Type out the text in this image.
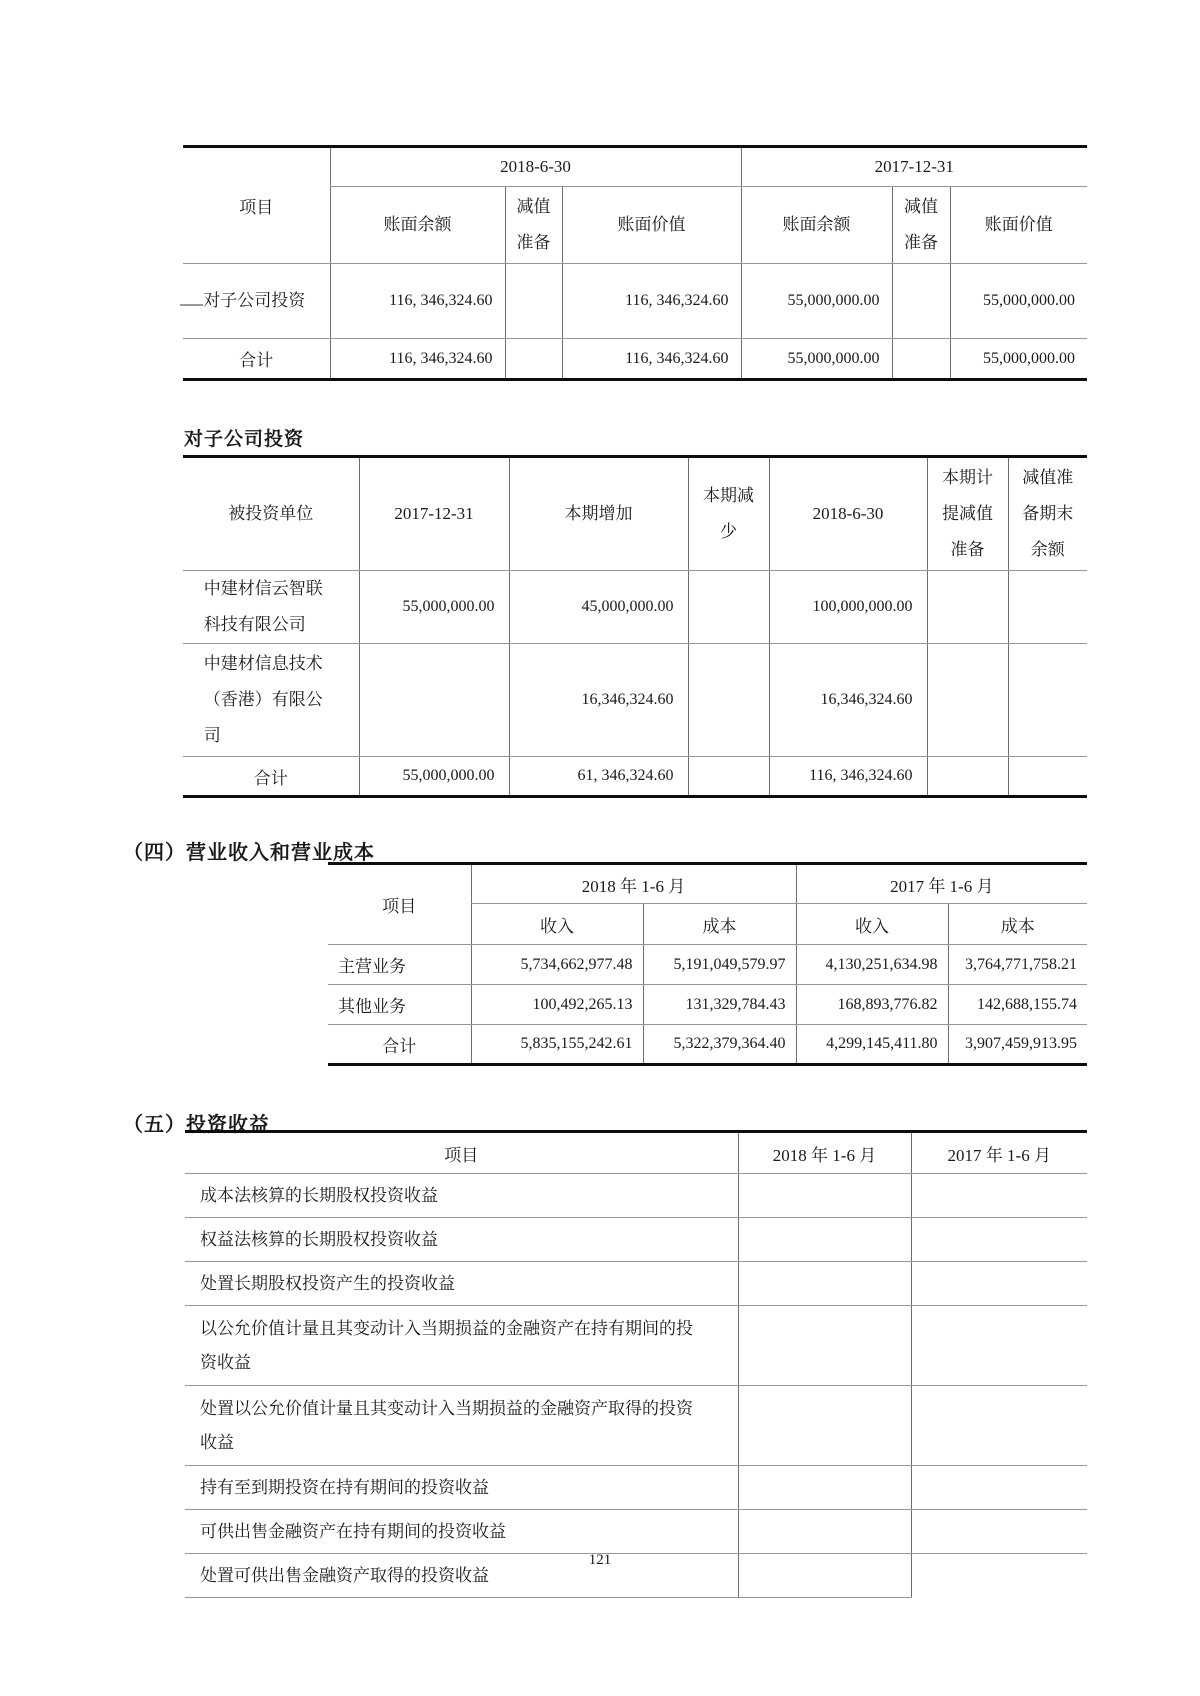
项目	2018-6-30			2017-12-31		
	账面余额	减值准备	账面价值	账面余额	减值准备	账面价值

对子公司投资	116, 346,324.60		116, 346,324.60	55,000,000.00		55,000,000.00
合计	116, 346,324.60		116, 346,324.60	55,000,000.00		55,000,000.00
对子公司投资
被投资单位	2017-12-31	本期增加	本期减少	2018-6-30	本期计提减值准备	减值准备期末余额

中建材信云智联科技有限公司	55,000,000.00	45,000,000.00		100,000,000.00		

中建材信息技术（香港）有限公司		16,346,324.60		16,346,324.60		
合计	55,000,000.00	61, 346,324.60		116, 346,324.60		
（四）营业收入和营业成本
项目	2018 年 1-6 月		2017 年 1-6 月	
	收入	成本	收入	成本
主营业务	5,734,662,977.48	5,191,049,579.97	4,130,251,634.98	3,764,771,758.21
其他业务	100,492,265.13	131,329,784.43	168,893,776.82	142,688,155.74
合计	5,835,155,242.61	5,322,379,364.40	4,299,145,411.80	3,907,459,913.95
（五）投资收益
项目	2018 年 1-6 月	2017 年 1-6 月
成本法核算的长期股权投资收益		
权益法核算的长期股权投资收益		
处置长期股权投资产生的投资收益		
以公允价值计量且其变动计入当期损益的金融资产在持有期间的投资收益		
处置以公允价值计量且其变动计入当期损益的金融资产取得的投资收益		
持有至到期投资在持有期间的投资收益		
可供出售金融资产在持有期间的投资收益		
处置可供出售金融资产取得的投资收益		
121
